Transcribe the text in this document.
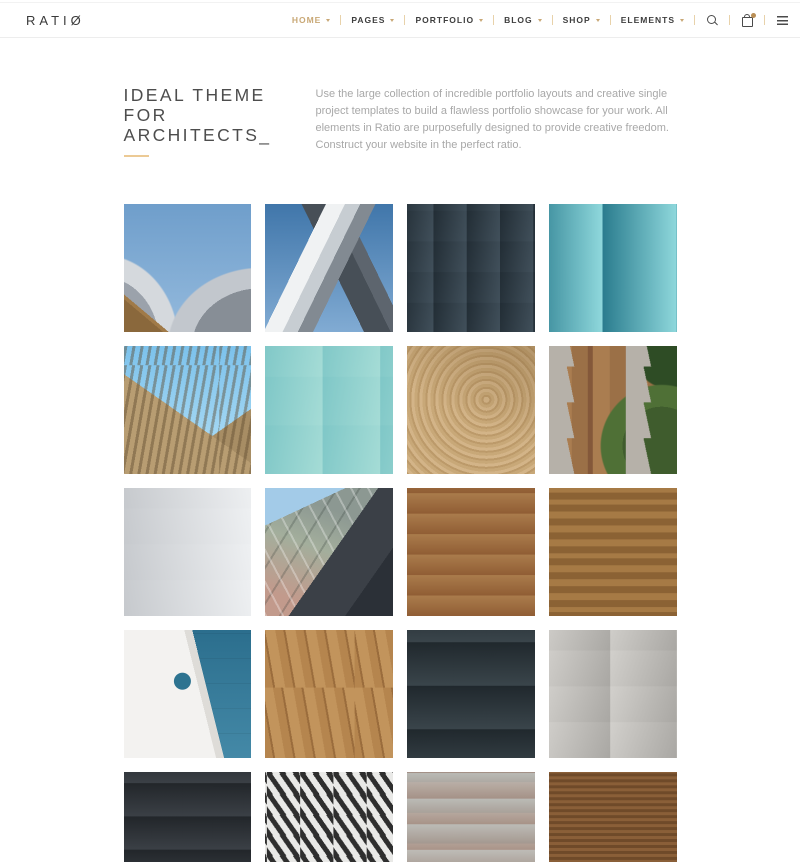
RATIØ	HOME	PAGES	PORTFOLIO	BLOG	SHOP	ELEMENTS
IDEAL THEME FOR
ARCHITECTS_

Use the large collection of incredible portfolio layouts and creative single project templates to build a flawless portfolio showcase for your work. All elements in Ratio are purposefully designed to provide creative freedom. Construct your website in the perfect ratio.
